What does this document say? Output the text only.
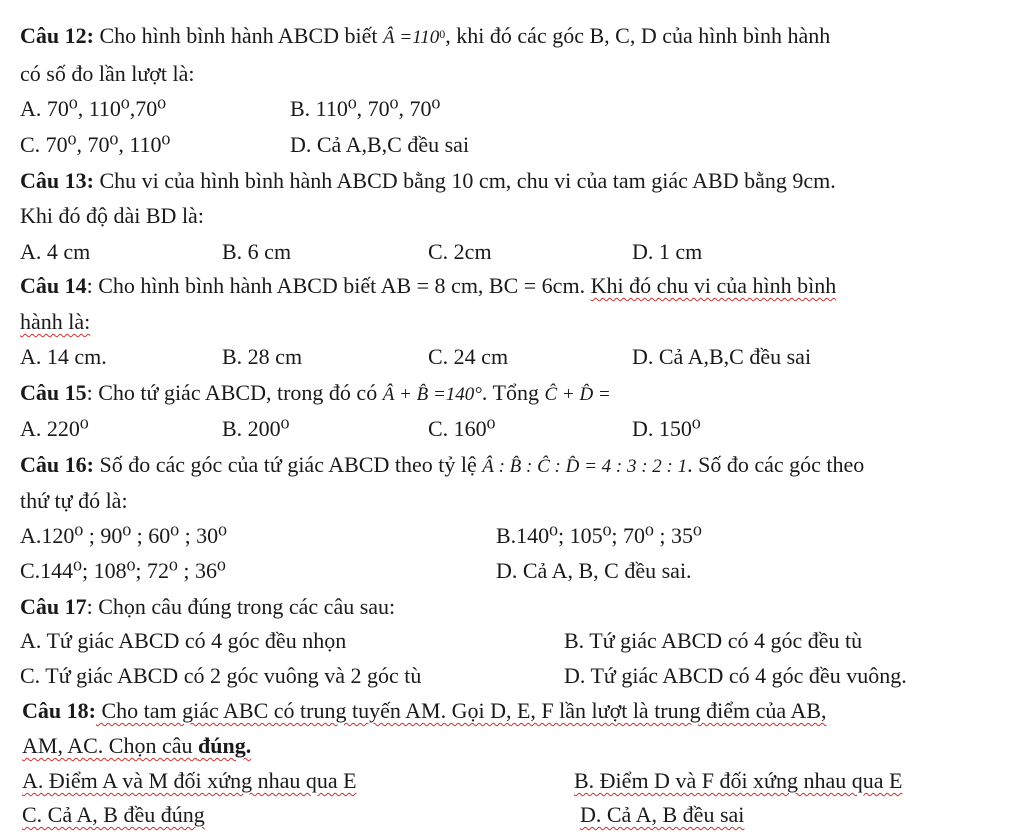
Câu 12: Cho hình bình hành ABCD biết Â $=110^0$, khi đó các góc B, C, D của hình bình hành
có số đo lần lượt là:
A. 70⁰, 110⁰,70⁰	B. 110⁰, 70⁰, 70⁰
C. 70⁰, 70⁰, 110⁰	D. Cả A,B,C đều sai
Câu 13: Chu vi của hình bình hành ABCD bằng 10 cm, chu vi của tam giác ABD bằng 9cm.
Khi đó độ dài BD là:
A. 4 cm	B. 6 cm	C. 2cm	D. 1 cm
Câu 14: Cho hình bình hành ABCD biết AB = 8 cm, BC = 6cm. Khi đó chu vi của hình bình
hành là:
A. 14 cm.	B. 28 cm	C. 24 cm	D. Cả A,B,C đều sai
Câu 15: Cho tứ giác ABCD, trong đó có Â + B̂ =140°. Tổng Ĉ + D̂ =
A. 220⁰	B. 200⁰	C. 160⁰	D. 150⁰
Câu 16: Số đo các góc của tứ giác ABCD theo tỷ lệ Â : B̂ : Ĉ : D̂ = 4 : 3 : 2 : 1. Số đo các góc theo
thứ tự đó là:
A.120⁰ ; 90⁰ ; 60⁰ ; 30⁰	B.140⁰; 105⁰; 70⁰ ; 35⁰
C.144⁰; 108⁰; 72⁰ ; 36⁰	D. Cả A, B, C đều sai.
Câu 17: Chọn câu đúng trong các câu sau:
A. Tứ giác ABCD có 4 góc đều nhọn	B. Tứ giác ABCD có 4 góc đều tù
C. Tứ giác ABCD có 2 góc vuông và 2 góc tù	D. Tứ giác ABCD có 4 góc đều vuông.
Câu 18: Cho tam giác ABC có trung tuyến AM. Gọi D, E, F lần lượt là trung điểm của AB,
AM, AC. Chọn câu đúng.
A. Điểm A và M đối xứng nhau qua E	B. Điểm D và F đối xứng nhau qua E
C. Cả A, B đều đúng	D. Cả A, B đều sai
